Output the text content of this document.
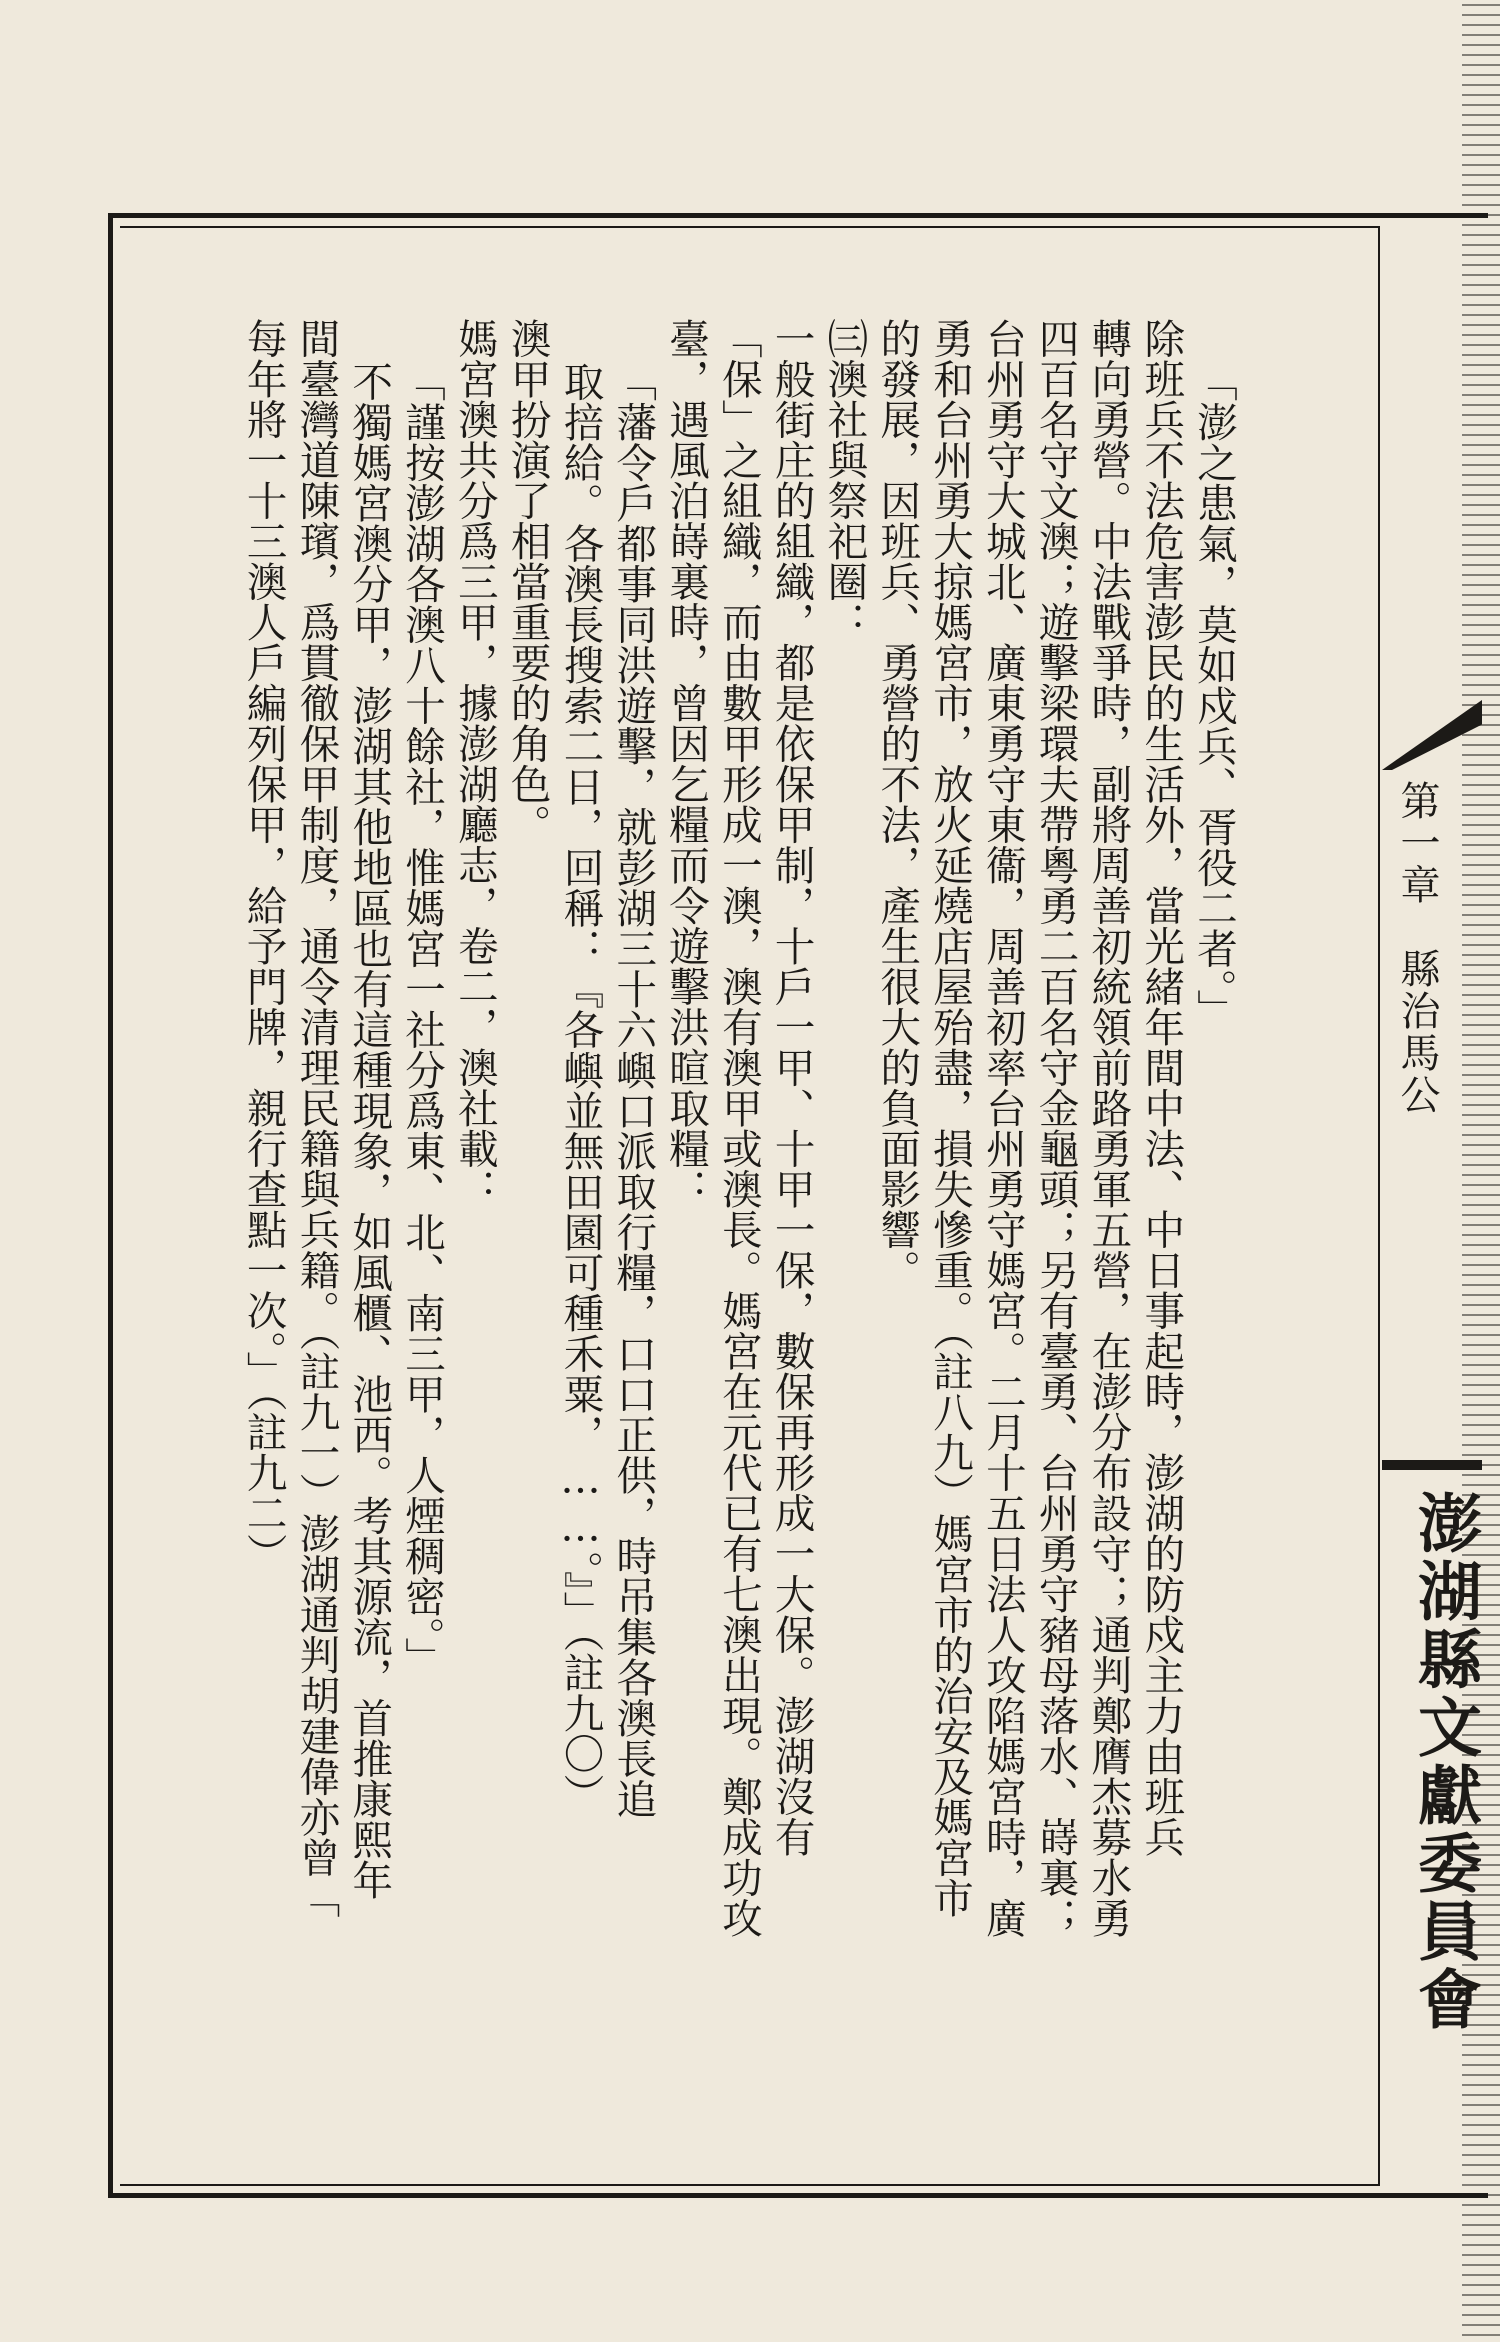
第一章　縣治馬公
澎湖縣文獻委員會

「澎之患氣，莫如戍兵、胥役二者。」

除班兵不法危害澎民的生活外，當光緒年間中法、中日事起時，澎湖的防戍主力由班兵

轉向勇營。中法戰爭時，副將周善初統領前路勇軍五營，在澎分布設守；通判鄭膺杰募水勇

四百名守文澳；遊擊梁環夫帶粵勇二百名守金龜頭；另有臺勇、台州勇守豬母落水、嵵裏；

台州勇守大城北、廣東勇守東衞，周善初率台州勇守媽宮。二月十五日法人攻陷媽宮時，廣

勇和台州勇大掠媽宮市，放火延燒店屋殆盡，損失慘重。（註八九）媽宮市的治安及媽宮市

的發展，因班兵、勇營的不法，產生很大的負面影響。

㈢澳社與祭祀圈：

一般街庄的組織，都是依保甲制，十戶一甲、十甲一保，數保再形成一大保。澎湖沒有

「保」之組織，而由數甲形成一澳，澳有澳甲或澳長。媽宮在元代已有七澳出現。鄭成功攻

臺，遇風泊嵵裏時，曾因乞糧而令遊擊洪暄取糧：

「藩令戶都事同洪遊擊，就彭湖三十六嶼口派取行糧，口口正供，時吊集各澳長追

取掊給。各澳長搜索二日，回稱：『各嶼並無田園可種禾粟，……。』」（註九〇）

澳甲扮演了相當重要的角色。

媽宮澳共分爲三甲，據澎湖廳志，卷二，澳社載：

「謹按澎湖各澳八十餘社，惟媽宮一社分爲東、北、南三甲，人煙稠密。」

不獨媽宮澳分甲，澎湖其他地區也有這種現象，如風櫃、池西。考其源流，首推康熙年

間臺灣道陳璸，爲貫徹保甲制度，通令清理民籍與兵籍。（註九一）澎湖通判胡建偉亦曾「

每年將一十三澳人戶編列保甲，給予門牌，親行查點一次。」（註九二）
